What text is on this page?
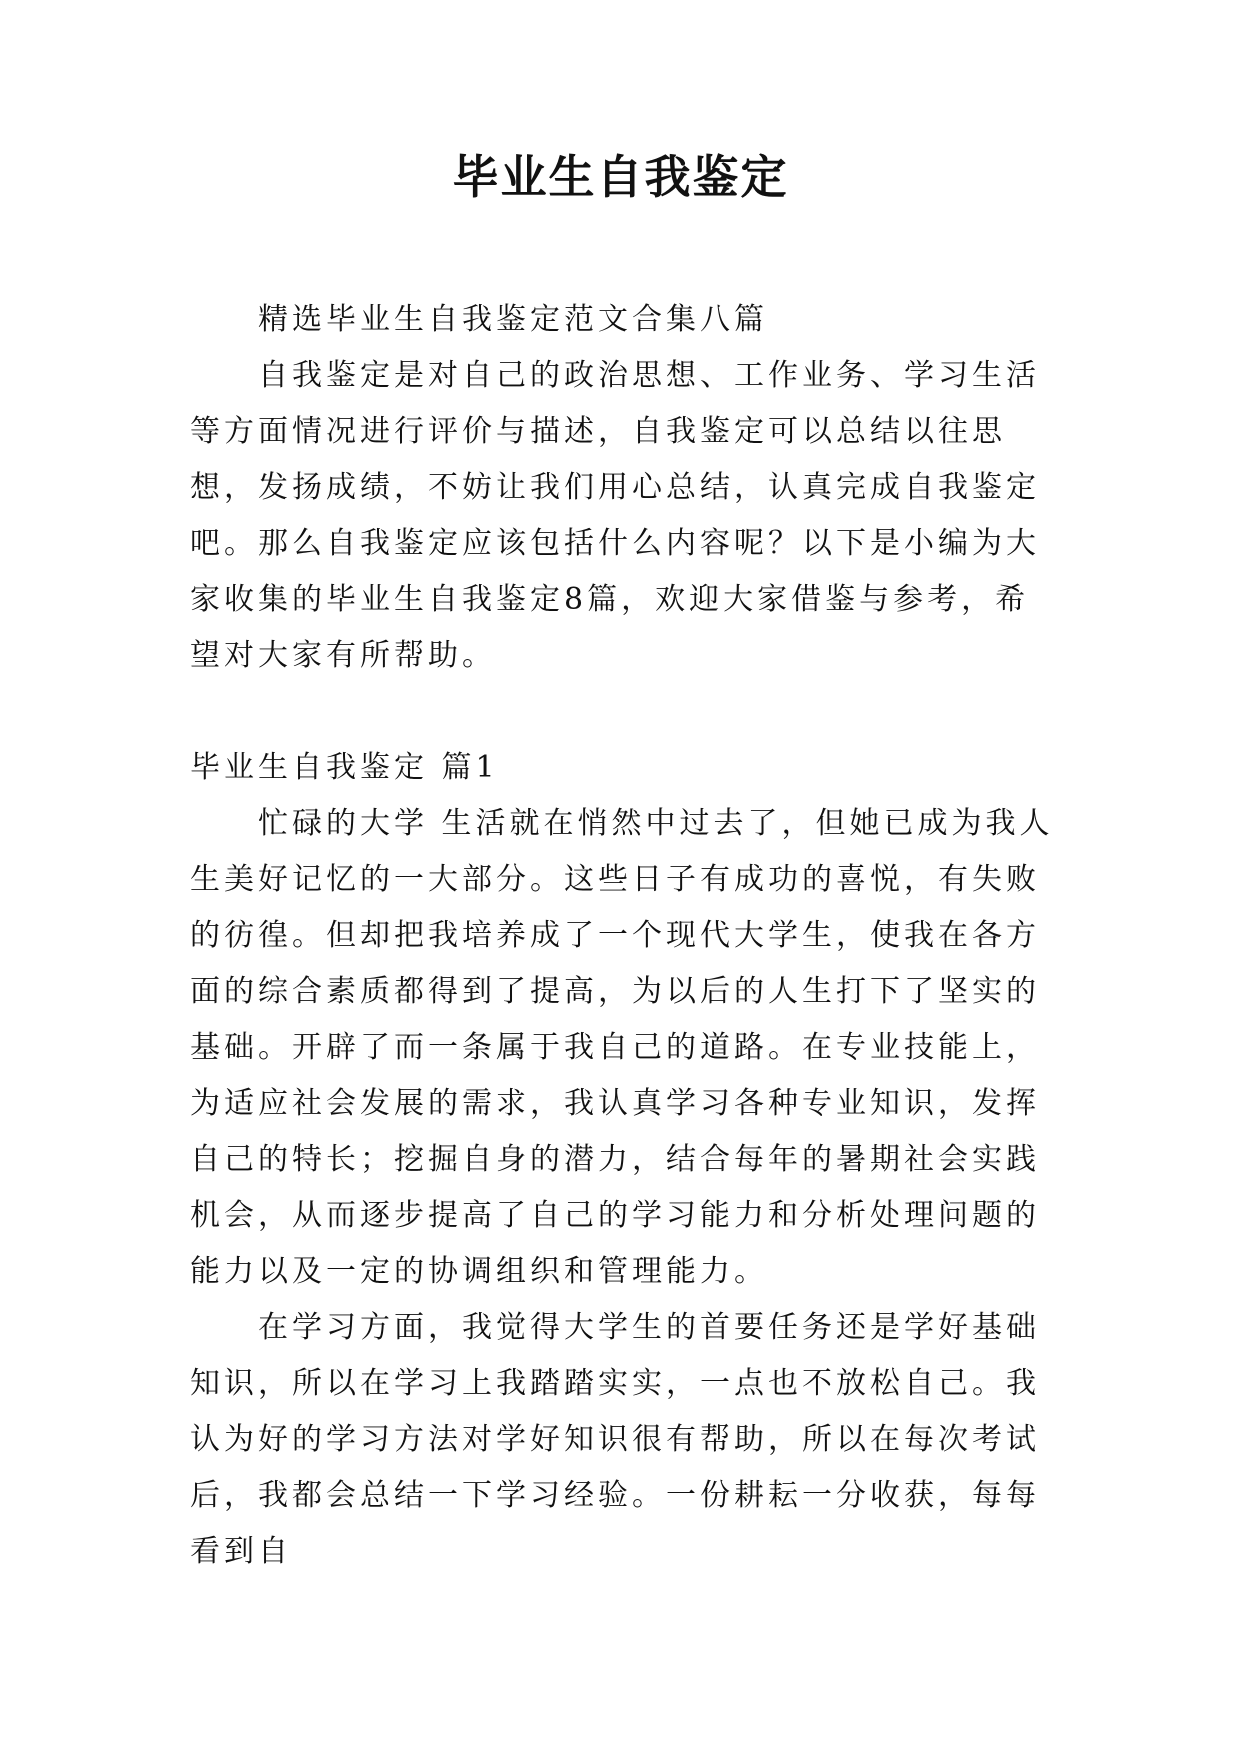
毕业生自我鉴定

精选毕业生自我鉴定范文合集八篇

自我鉴定是对自己的政治思想、工作业务、学习生活等方面情况进行评价与描述，自我鉴定可以总结以往思想，发扬成绩，不妨让我们用心总结，认真完成自我鉴定吧。那么自我鉴定应该包括什么内容呢？以下是小编为大家收集的毕业生自我鉴定8篇，欢迎大家借鉴与参考，希望对大家有所帮助。

毕业生自我鉴定 篇1

忙碌的大学 生活就在悄然中过去了，但她已成为我人生美好记忆的一大部分。这些日子有成功的喜悦，有失败的彷徨。但却把我培养成了一个现代大学生，使我在各方面的综合素质都得到了提高，为以后的人生打下了坚实的基础。开辟了而一条属于我自己的道路。在专业技能上，为适应社会发展的需求，我认真学习各种专业知识，发挥自己的特长；挖掘自身的潜力，结合每年的暑期社会实践机会，从而逐步提高了自己的学习能力和分析处理问题的能力以及一定的协调组织和管理能力。

在学习方面，我觉得大学生的首要任务还是学好基础知识，所以在学习上我踏踏实实，一点也不放松自己。我认为好的学习方法对学好知识很有帮助，所以在每次考试 后，我都会总结一下学习经验。一份耕耘一分收获，每每看到自
